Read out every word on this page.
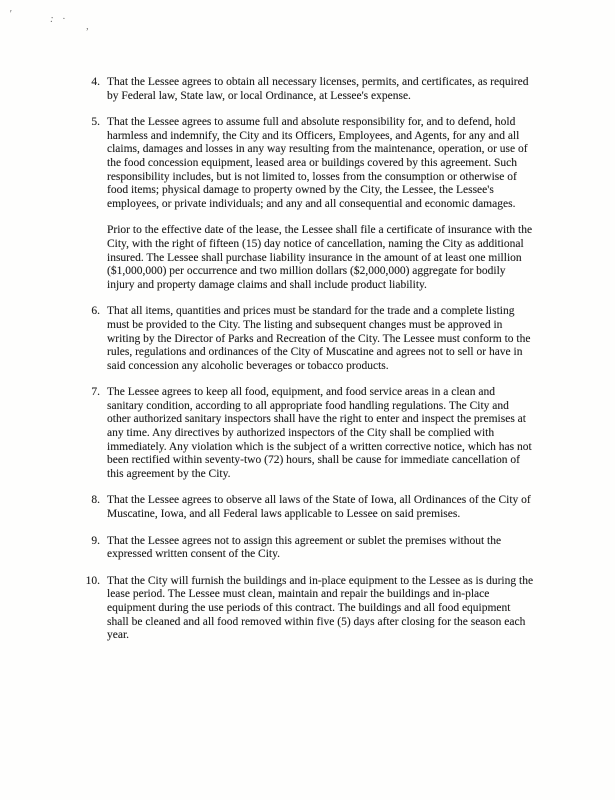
'	: ·
,
4. That the Lessee agrees to obtain all necessary licenses, permits, and certificates, as required by Federal law, State law, or local Ordinance, at Lessee's expense.
5. That the Lessee agrees to assume full and absolute responsibility for, and to defend, hold harmless and indemnify, the City and its Officers, Employees, and Agents, for any and all claims, damages and losses in any way resulting from the maintenance, operation, or use of the food concession equipment, leased area or buildings covered by this agreement. Such responsibility includes, but is not limited to, losses from the consumption or otherwise of food items; physical damage to property owned by the City, the Lessee, the Lessee's employees, or private individuals; and any and all consequential and economic damages.
Prior to the effective date of the lease, the Lessee shall file a certificate of insurance with the City, with the right of fifteen (15) day notice of cancellation, naming the City as additional insured. The Lessee shall purchase liability insurance in the amount of at least one million ($1,000,000) per occurrence and two million dollars ($2,000,000) aggregate for bodily injury and property damage claims and shall include product liability.
6. That all items, quantities and prices must be standard for the trade and a complete listing must be provided to the City. The listing and subsequent changes must be approved in writing by the Director of Parks and Recreation of the City. The Lessee must conform to the rules, regulations and ordinances of the City of Muscatine and agrees not to sell or have in said concession any alcoholic beverages or tobacco products.
7. The Lessee agrees to keep all food, equipment, and food service areas in a clean and sanitary condition, according to all appropriate food handling regulations. The City and other authorized sanitary inspectors shall have the right to enter and inspect the premises at any time. Any directives by authorized inspectors of the City shall be complied with immediately. Any violation which is the subject of a written corrective notice, which has not been rectified within seventy-two (72) hours, shall be cause for immediate cancellation of this agreement by the City.
8. That the Lessee agrees to observe all laws of the State of Iowa, all Ordinances of the City of Muscatine, Iowa, and all Federal laws applicable to Lessee on said premises.
9. That the Lessee agrees not to assign this agreement or sublet the premises without the expressed written consent of the City.
10. That the City will furnish the buildings and in-place equipment to the Lessee as is during the lease period. The Lessee must clean, maintain and repair the buildings and in-place equipment during the use periods of this contract. The buildings and all food equipment shall be cleaned and all food removed within five (5) days after closing for the season each year.
